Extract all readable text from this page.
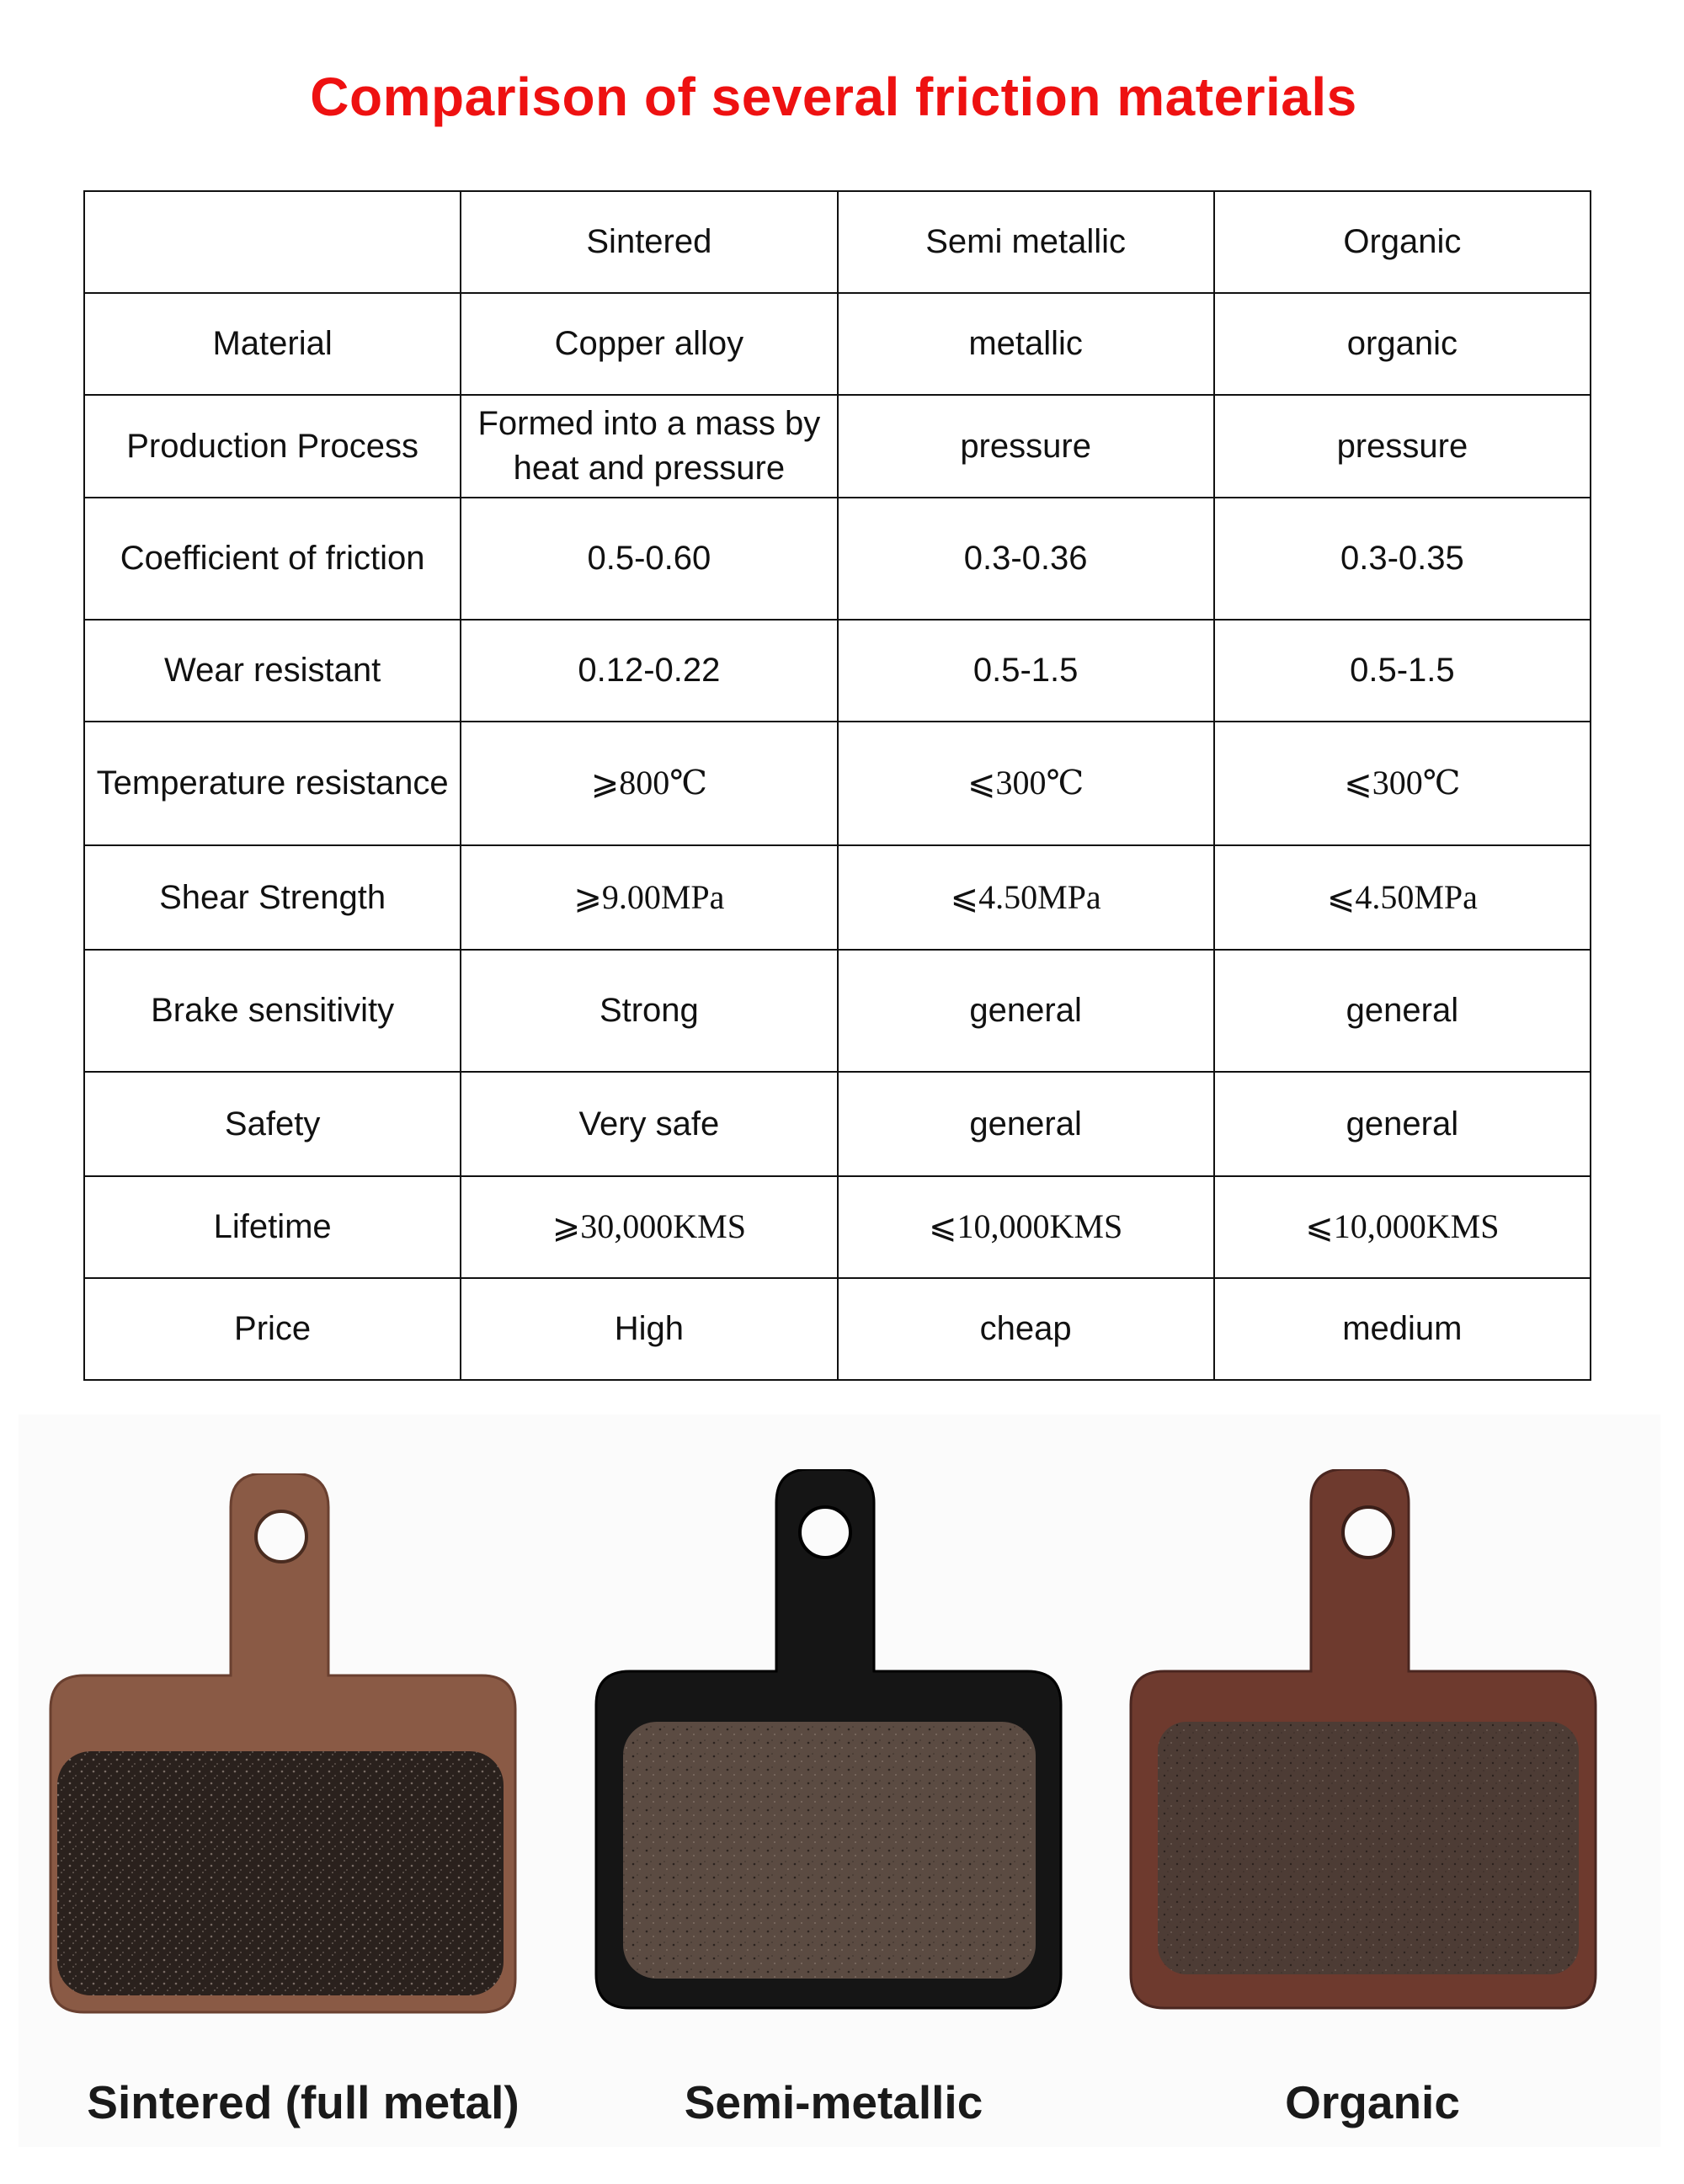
Comparison of several friction materials
	Sintered	Semi metallic	Organic
Material	Copper alloy	metallic	organic
Production Process	Formed into a mass by heat and pressure	pressure	pressure
Coefficient of friction	0.5-0.60	0.3-0.36	0.3-0.35
Wear resistant	0.12-0.22	0.5-1.5	0.5-1.5
Temperature resistance	⩾800℃	⩽300℃	⩽300℃
Shear Strength	⩾9.00MPa	⩽4.50MPa	⩽4.50MPa
Brake sensitivity	Strong	general	general
Safety	Very safe	general	general
Lifetime	⩾30,000KMS	⩽10,000KMS	⩽10,000KMS
Price	High	cheap	medium
Sintered (full metal)	Semi-metallic	Organic
